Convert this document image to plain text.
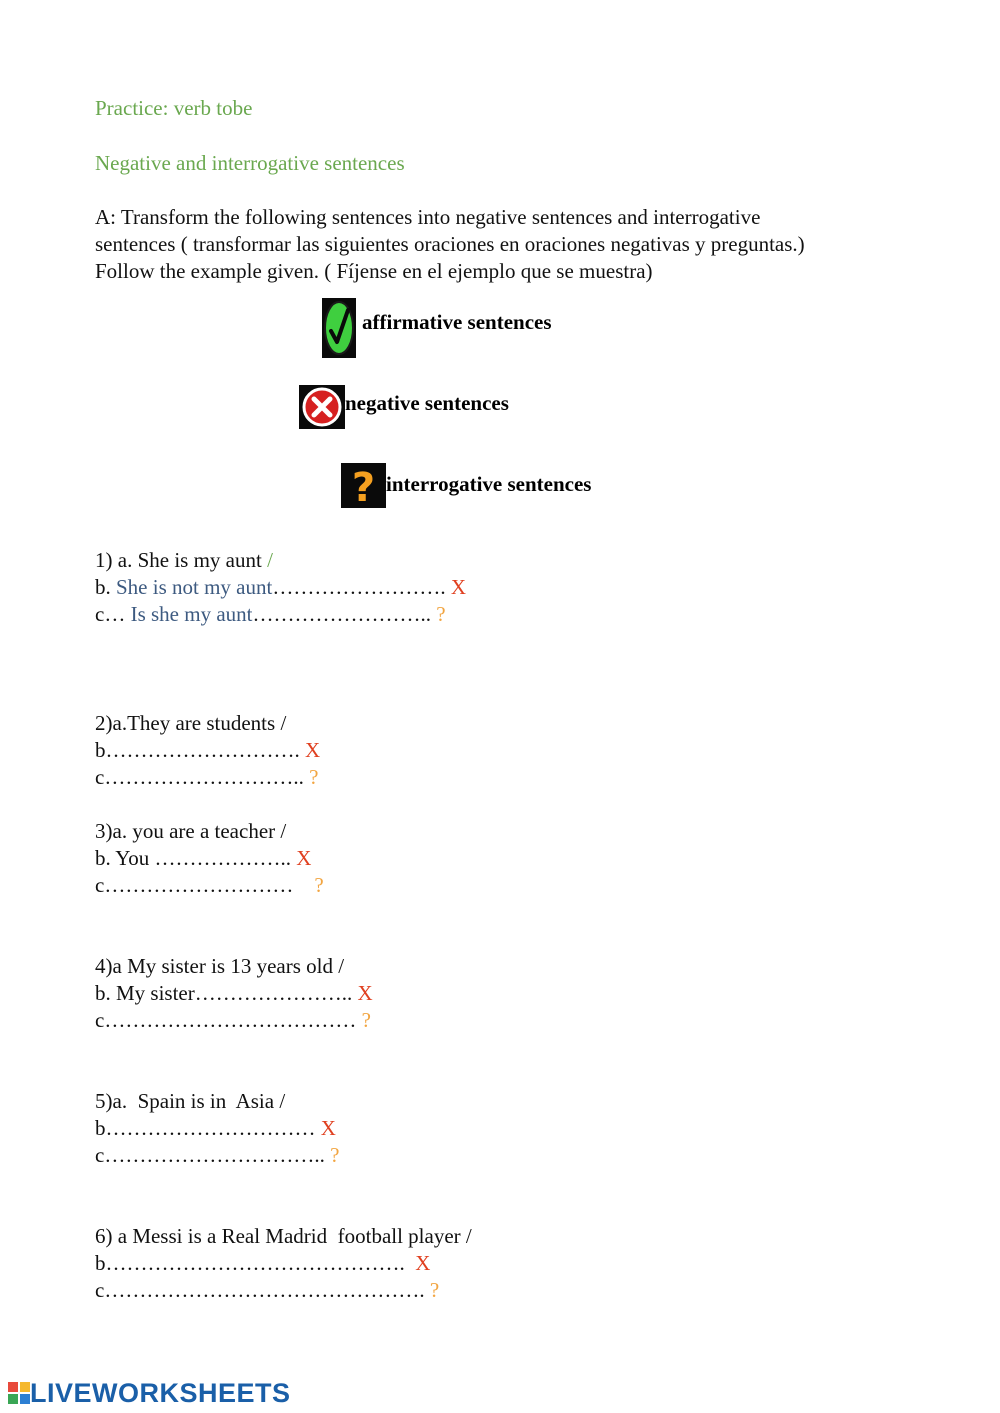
Practice: verb tobe
Negative and interrogative sentences
A: Transform the following sentences into negative sentences and interrogative
sentences ( transformar las siguientes oraciones en oraciones negativas y preguntas.)
Follow the example given. ( Fíjense en el ejemplo que se muestra)
affirmative sentences
negative sentences
? interrogative sentences
1) a. She is my aunt /
b. She is not my aunt……………………. X
c… Is she my aunt…………………….. ?
2)a.They are students /
b………………………. X
c……………………….. ?
3)a. you are a teacher /
b. You ……………….. X
c………………………    ?
4)a My sister is 13 years old /
b. My sister………………….. X
c……………………………… ?
5)a.  Spain is in  Asia /
b………………………… X
c………………………….. ?
6) a Messi is a Real Madrid  football player /
b…………………………………….  X
c………………………………………. ?
LIVEWORKSHEETS
